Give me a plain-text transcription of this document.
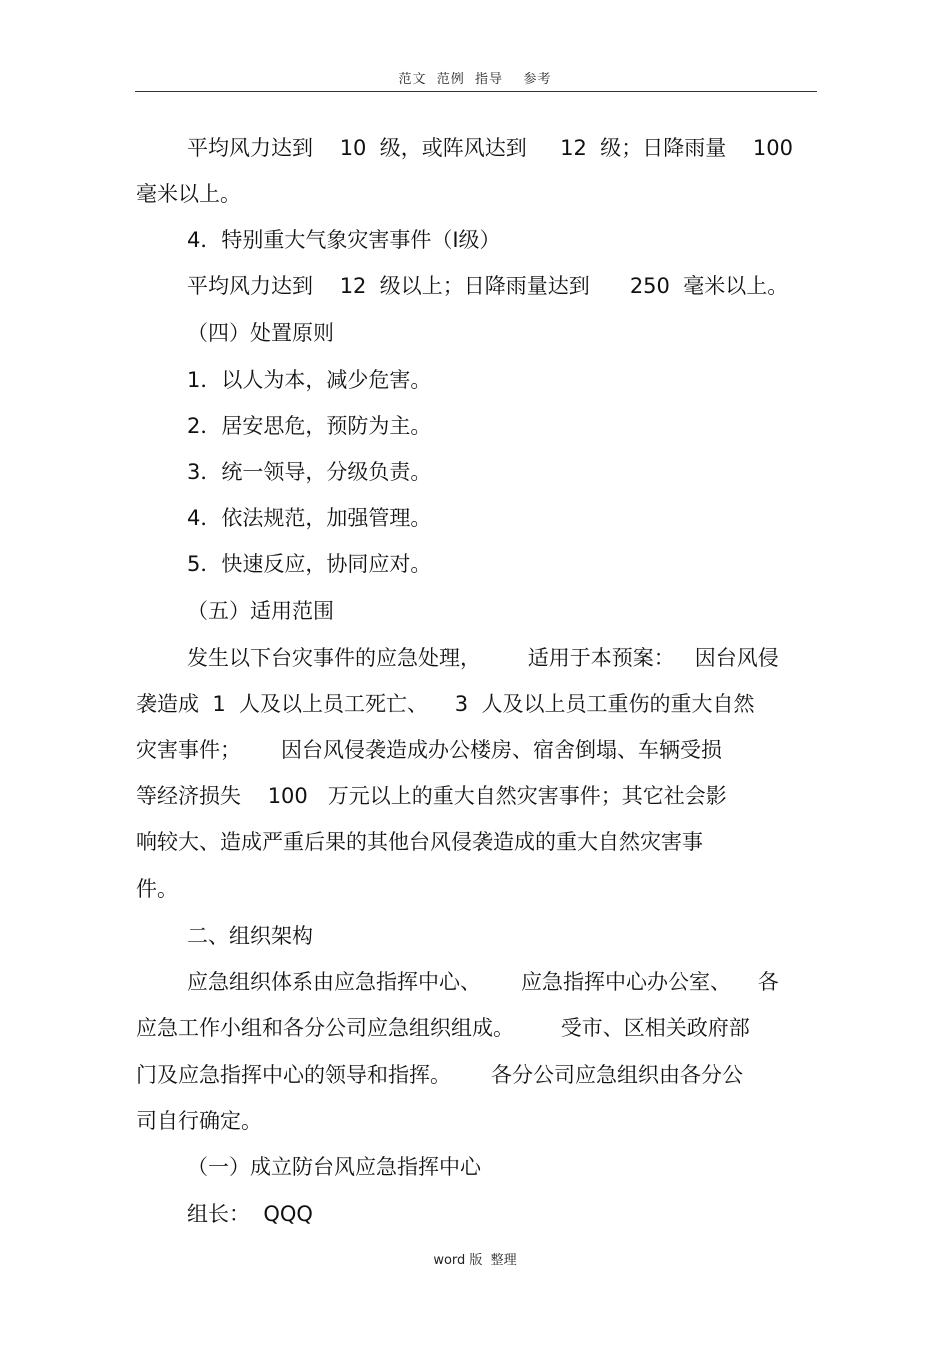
范文  范例  指导    参考
平均风力达到    10  级，或阵风达到     12  级；日降雨量    100
毫米以上。
4．特别重大气象灾害事件（Ⅰ级）
平均风力达到    12  级以上；日降雨量达到      250  毫米以上。
（四）处置原则
1．以人为本，减少危害。
2．居安思危，预防为主。
3．统一领导，分级负责。
4．依法规范，加强管理。
5．快速反应，协同应对。
（五）适用范围
发生以下台灾事件的应急处理，       适用于本预案：   因台风侵
袭造成  1  人及以上员工死亡、    3  人及以上员工重伤的重大自然
灾害事件；      因台风侵袭造成办公楼房、宿舍倒塌、车辆受损
等经济损失    100   万元以上的重大自然灾害事件；其它社会影
响较大、造成严重后果的其他台风侵袭造成的重大自然灾害事
件。
二、组织架构
应急组织体系由应急指挥中心、      应急指挥中心办公室、    各
应急工作小组和各分公司应急组织组成。       受市、区相关政府部
门及应急指挥中心的领导和指挥。      各分公司应急组织由各分公
司自行确定。
（一）成立防台风应急指挥中心
组长：  QQQ
word 版  整理
